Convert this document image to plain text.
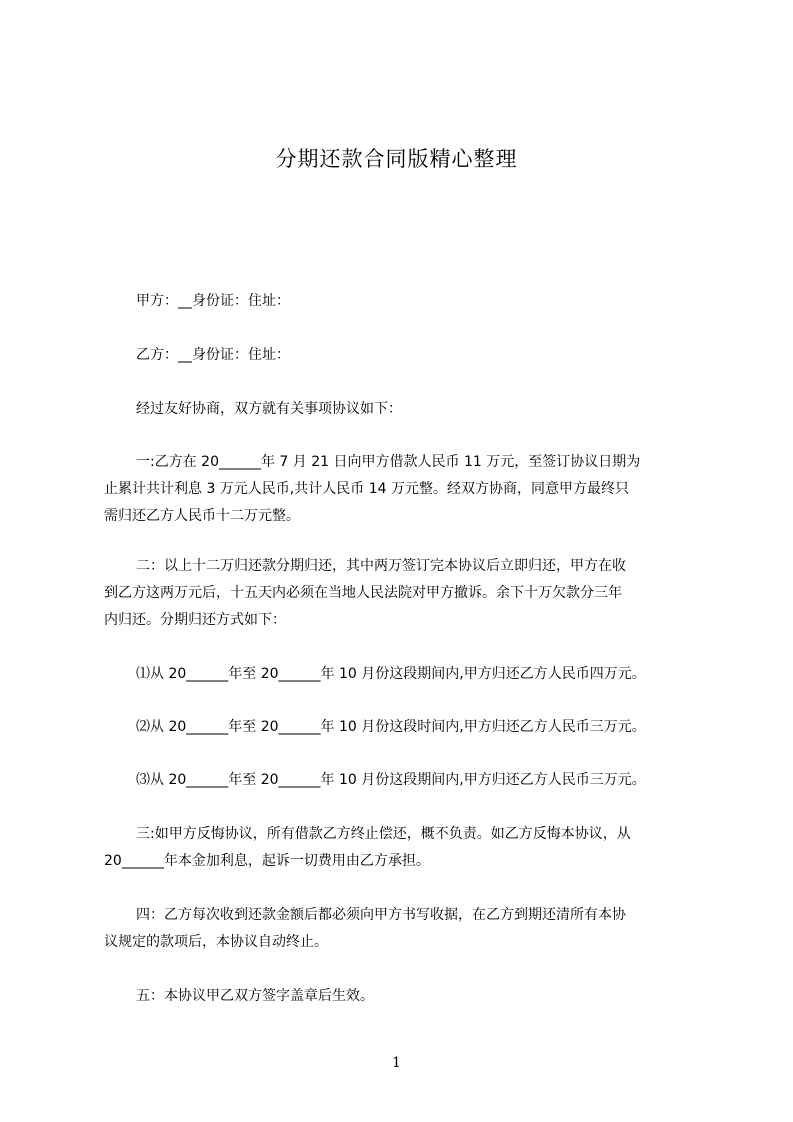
分期还款合同版精心整理
甲方：__身份证：住址：
乙方：__身份证：住址：
经过友好协商，双方就有关事项协议如下：
一:乙方在 20______年 7 月 21 日向甲方借款人民币 11 万元，至签订协议日期为
止累计共计利息 3 万元人民币,共计人民币 14 万元整。经双方协商，同意甲方最终只
需归还乙方人民币十二万元整。
二：以上十二万归还款分期归还，其中两万签订完本协议后立即归还，甲方在收
到乙方这两万元后，十五天内必须在当地人民法院对甲方撤诉。余下十万欠款分三年
内归还。分期归还方式如下：
⑴从 20______年至 20______年 10 月份这段期间内,甲方归还乙方人民币四万元。
⑵从 20______年至 20______年 10 月份这段时间内,甲方归还乙方人民币三万元。
⑶从 20______年至 20______年 10 月份这段期间内,甲方归还乙方人民币三万元。
三:如甲方反悔协议，所有借款乙方终止偿还，概不负责。如乙方反悔本协议，从
20______年本金加利息，起诉一切费用由乙方承担。
四：乙方每次收到还款金额后都必须向甲方书写收据，在乙方到期还清所有本协
议规定的款项后，本协议自动终止。
五：本协议甲乙双方签字盖章后生效。
1
